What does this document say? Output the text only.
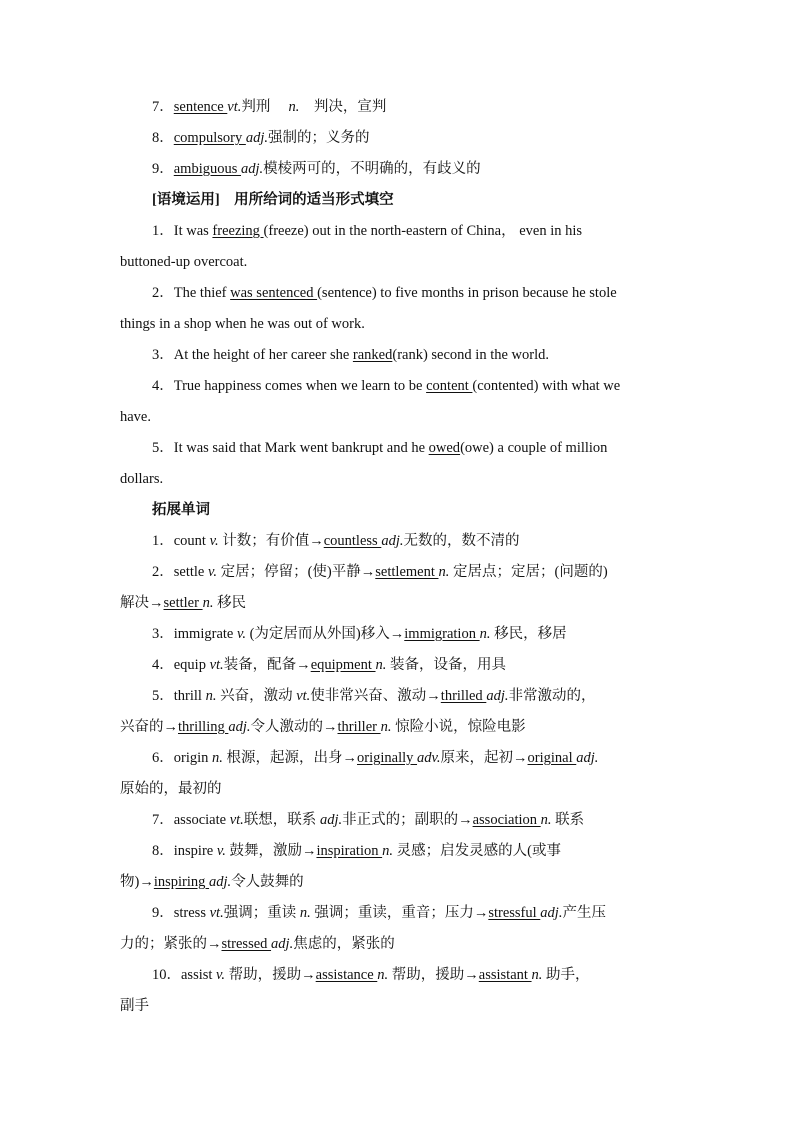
7．sentence vt.判刑　 n.　 判决，宣判
8．compulsory adj.强制的；义务的
9．ambiguous adj.模棱两可的，不明确的，有歧义的
[语境运用]　用所给词的适当形式填空
1．It was freezing (freeze) out in the north-eastern of China， even in his
buttoned-up overcoat.
2．The thief was sentenced (sentence) to five months in prison because he stole
things in a shop when he was out of work.
3．At the height of her career she ranked(rank) second in the world.
4．True happiness comes when we learn to be content (contented) with what we
have.
5．It was said that Mark went bankrupt and he owed(owe) a couple of million
dollars.
拓展单词
1．count v. 计数；有价值→countless adj.无数的，数不清的
2．settle v. 定居；停留；(使)平静→settlement n. 定居点；定居；(问题的)
解决→settler n. 移民
3．immigrate v. (为定居而从外国)移入→immigration n. 移民，移居
4．equip vt.装备，配备→equipment n. 装备，设备，用具
5．thrill n. 兴奋，激动 vt.使非常兴奋、激动→thrilled adj.非常激动的，
兴奋的→thrilling adj.令人激动的→thriller n. 惊险小说，惊险电影
6．origin n. 根源，起源，出身→originally adv.原来，起初→original adj.
原始的，最初的
7．associate vt.联想，联系 adj.非正式的；副职的→association n. 联系
8．inspire v. 鼓舞，激励→inspiration n. 灵感；启发灵感的人(或事
物)→inspiring adj.令人鼓舞的
9．stress vt.强调；重读 n. 强调；重读，重音；压力→stressful adj.产生压
力的；紧张的→stressed adj.焦虑的，紧张的
10．assist v. 帮助，援助→assistance n. 帮助，援助→assistant n. 助手，
副手
